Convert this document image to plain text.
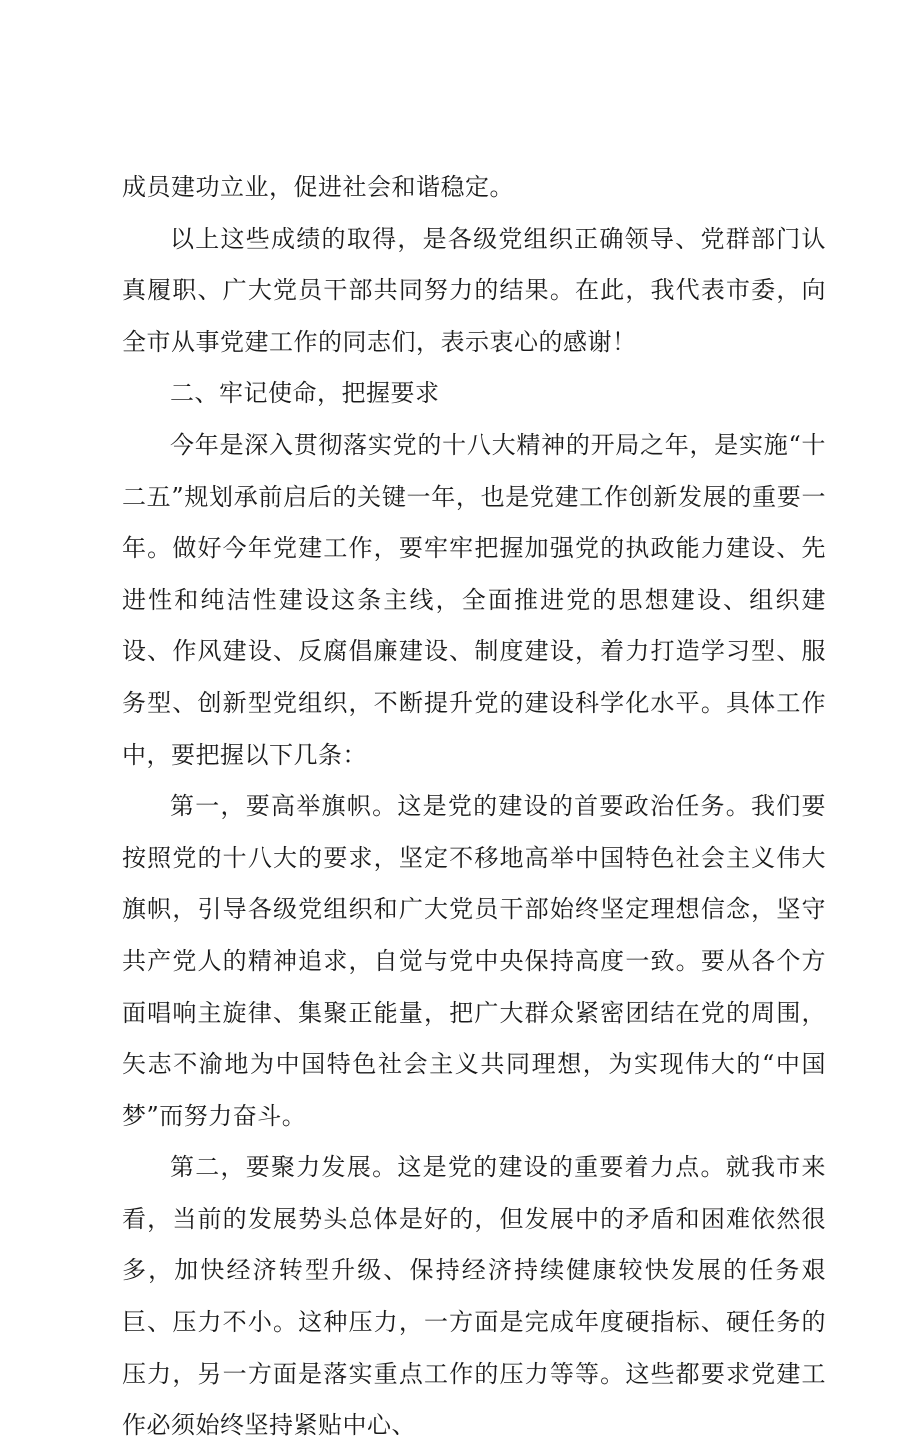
成员建功立业，促进社会和谐稳定。

以上这些成绩的取得，是各级党组织正确领导、党群部门认真履职、广大党员干部共同努力的结果。在此，我代表市委，向全市从事党建工作的同志们，表示衷心的感谢！

二、牢记使命，把握要求

今年是深入贯彻落实党的十八大精神的开局之年，是实施“十二五”规划承前启后的关键一年，也是党建工作创新发展的重要一年。做好今年党建工作，要牢牢把握加强党的执政能力建设、先进性和纯洁性建设这条主线，全面推进党的思想建设、组织建设、作风建设、反腐倡廉建设、制度建设，着力打造学习型、服务型、创新型党组织，不断提升党的建设科学化水平。具体工作中，要把握以下几条：

第一，要高举旗帜。这是党的建设的首要政治任务。我们要按照党的十八大的要求，坚定不移地高举中国特色社会主义伟大旗帜，引导各级党组织和广大党员干部始终坚定理想信念，坚守共产党人的精神追求，自觉与党中央保持高度一致。要从各个方面唱响主旋律、集聚正能量，把广大群众紧密团结在党的周围，矢志不渝地为中国特色社会主义共同理想，为实现伟大的“中国梦”而努力奋斗。

第二，要聚力发展。这是党的建设的重要着力点。就我市来看，当前的发展势头总体是好的，但发展中的矛盾和困难依然很多，加快经济转型升级、保持经济持续健康较快发展的任务艰巨、压力不小。这种压力，一方面是完成年度硬指标、硬任务的压力，另一方面是落实重点工作的压力等等。这些都要求党建工作必须始终坚持紧贴中心、
